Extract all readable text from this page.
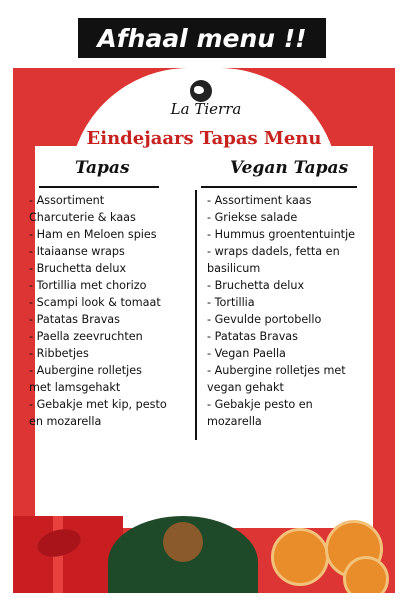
Afhaal menu !!
La Tierra
Eindejaars Tapas Menu
Tapas	Vegan Tapas
- Assortiment
Charcuterie & kaas
- Ham en Meloen spies
- Itaiaanse wraps
- Bruchetta delux
- Tortillia met chorizo
- Scampi look & tomaat
- Patatas Bravas
- Paella zeevruchten
- Ribbetjes
- Aubergine rolletjes
met lamsgehakt
- Gebakje met kip, pesto
en mozarella
- Assortiment kaas
- Griekse salade
- Hummus groententuintje
- wraps dadels, fetta en
basilicum
- Bruchetta delux
- Tortillia
- Gevulde portobello
- Patatas Bravas
- Vegan Paella
- Aubergine rolletjes met
vegan gehakt
- Gebakje pesto en
mozarella
Onze tapas zijn te bestellen voor minimum 2 personen
Bestellen dient te gebeuren in de zaak
€ 38,50 per persoon voorschot van 50%
Beschikbaar tussen 23/12 en 1 januari
